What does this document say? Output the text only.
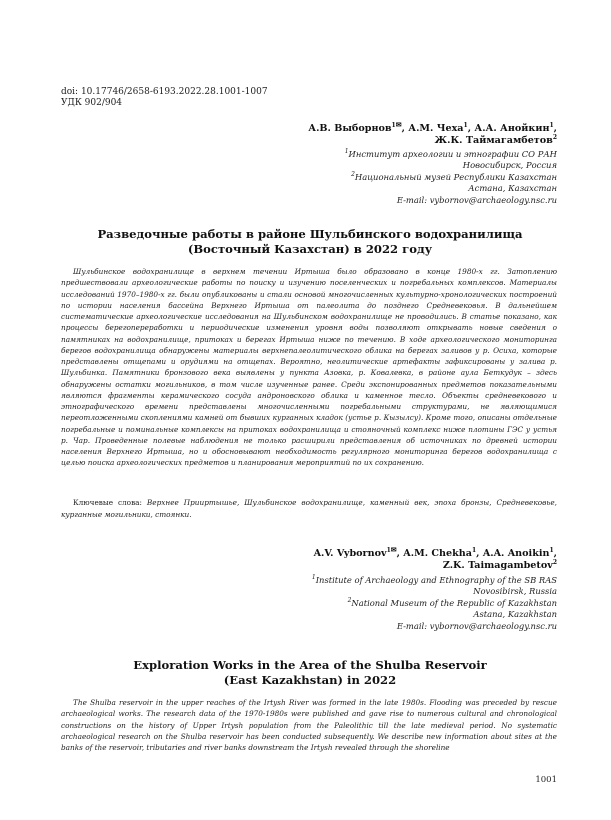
doi: 10.17746/2658-6193.2022.28.1001-1007
УДК 902/904
А.В. Выборнов$^{1✉}$, А.М. Чеха$^1$, А.А. Анойкин$^1$,
Ж.К. Таймагамбетов$^2$
$^1$Институт археологии и этнографии СО РАН
Новосибирск, Россия
$^2$Национальный музей Республики Казахстан
Астана, Казахстан
E-mail: vybornov@archaeology.nsc.ru
Разведочные работы в районе Шульбинского водохранилища
(Восточный Казахстан) в 2022 году
Шульбинское водохранилище в верхнем течении Иртыша было образовано в конце 1980-х гг. Затоплению предшествовали археологические работы по поиску и изучению поселенческих и погребальных комплексов. Материалы исследований 1970–1980-х гг. были опубликованы и стали основой многочисленных культурно-хронологических построений по истории населения бассейна Верхнего Иртыша от палеолита до позднего Средневековья. В дальнейшем систематические археологические исследования на Шульбинском водохранилище не проводились. В статье показано, как процессы берегопереработки и периодические изменения уровня воды позволяют открывать новые сведения о памятниках на водохранилище, притоках и берегах Иртыша ниже по течению. В ходе археологического мониторинга берегов водохранилища обнаружены материалы верхнепалеолитического облика на берегах заливов у р. Осиха, которые представлены отщепами и орудиями на отщепах. Вероятно, неолитические артефакты зафиксированы у залива р. Шульбинка. Памятники бронзового века выявлены у пункта Азовка, р. Ковалевка, в районе аула Беткудук – здесь обнаружены остатки могильников, в том числе изученные ранее. Среди экспонированных предметов показательными являются фрагменты керамического сосуда андроновского облика и каменное тесло. Объекты средневекового и этнографического времени представлены многочисленными погребальными структурами, не являющимися переотложенными скоплениями камней от бывших курганных кладок (устье р. Кызылсу). Кроме того, описаны отдельные погребальные и поминальные комплексы на притоках водохранилища и стояночный комплекс ниже плотины ГЭС у устья р. Чар. Проведенные полевые наблюдения не только расширили представления об источниках по древней истории населения Верхнего Иртыша, но и обосновывают необходимость регулярного мониторинга берегов водохранилища с целью поиска археологических предметов и планирования мероприятий по их сохранению.
Ключевые слова: Верхнее Прииртышье, Шульбинское водохранилище, каменный век, эпоха бронзы, Средневековье, курганные могильники, стоянки.
A.V. Vybornov$^{1✉}$, A.M. Chekha$^1$, A.A. Anoikin$^1$,
Z.K. Taimagambetov$^2$
$^1$Institute of Archaeology and Ethnography of the SB RAS
Novosibirsk, Russia
$^2$National Museum of the Republic of Kazakhstan
Astana, Kazakhstan
E-mail: vybornov@archaeology.nsc.ru
Exploration Works in the Area of the Shulba Reservoir
(East Kazakhstan) in 2022
The Shulba reservoir in the upper reaches of the Irtysh River was formed in the late 1980s. Flooding was preceded by rescue archaeological works. The research data of the 1970-1980s were published and gave rise to numerous cultural and chronological constructions on the history of Upper Irtysh population from the Paleolithic till the late medieval period. No systematic archaeological research on the Shulba reservoir has been conducted subsequently. We describe new information about sites at the banks of the reservoir, tributaries and river banks downstream the Irtysh revealed through the shoreline
1001
